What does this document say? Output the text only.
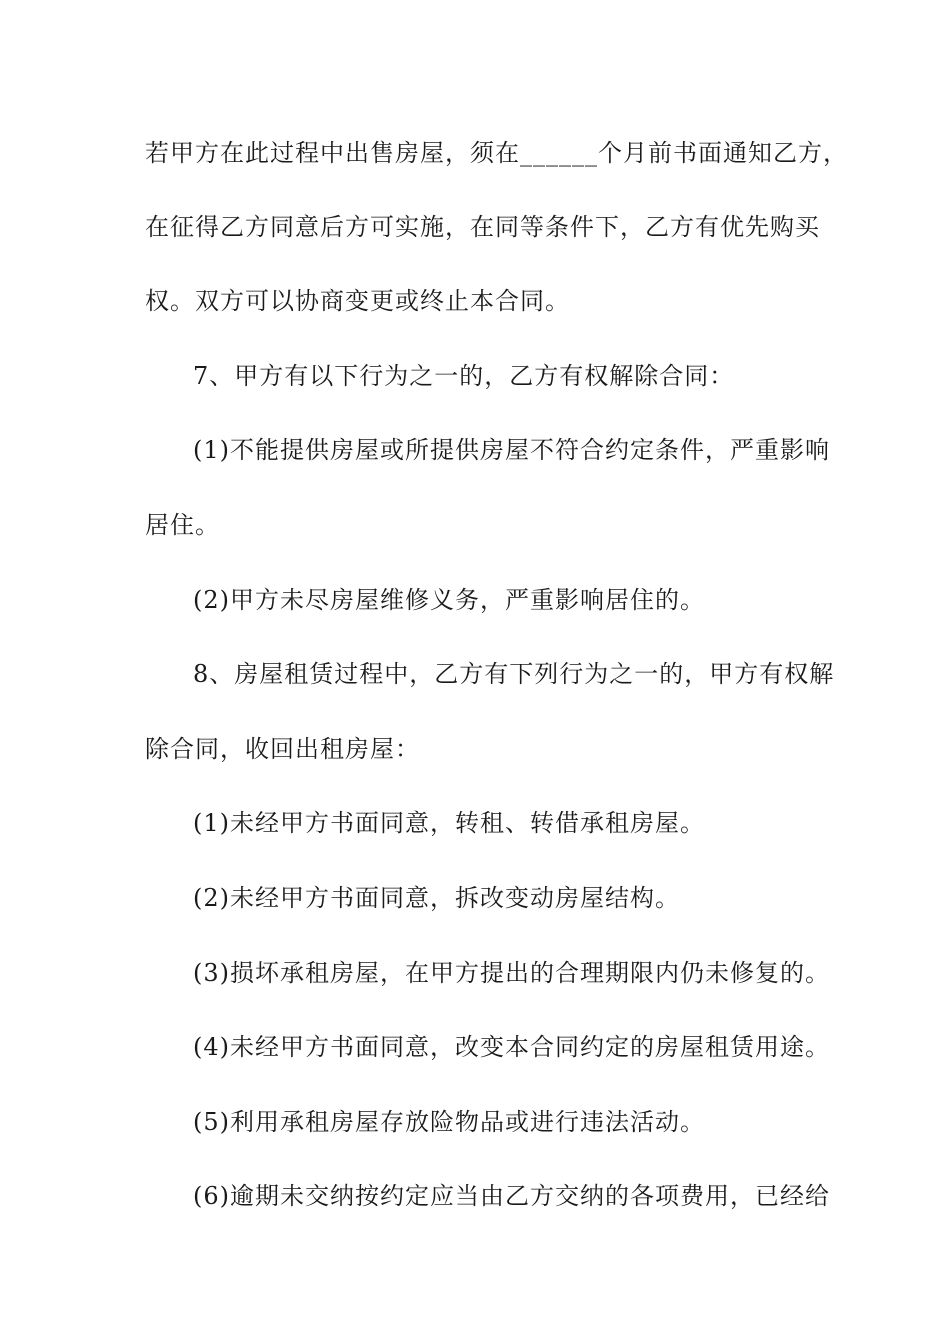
若甲方在此过程中出售房屋，须在______个月前书面通知乙方，
在征得乙方同意后方可实施，在同等条件下，乙方有优先购买
权。双方可以协商变更或终止本合同。
7、甲方有以下行为之一的，乙方有权解除合同：
(1)不能提供房屋或所提供房屋不符合约定条件，严重影响
居住。
(2)甲方未尽房屋维修义务，严重影响居住的。
8、房屋租赁过程中，乙方有下列行为之一的，甲方有权解
除合同，收回出租房屋：
(1)未经甲方书面同意，转租、转借承租房屋。
(2)未经甲方书面同意，拆改变动房屋结构。
(3)损坏承租房屋，在甲方提出的合理期限内仍未修复的。
(4)未经甲方书面同意，改变本合同约定的房屋租赁用途。
(5)利用承租房屋存放险物品或进行违法活动。
(6)逾期未交纳按约定应当由乙方交纳的各项费用，已经给
